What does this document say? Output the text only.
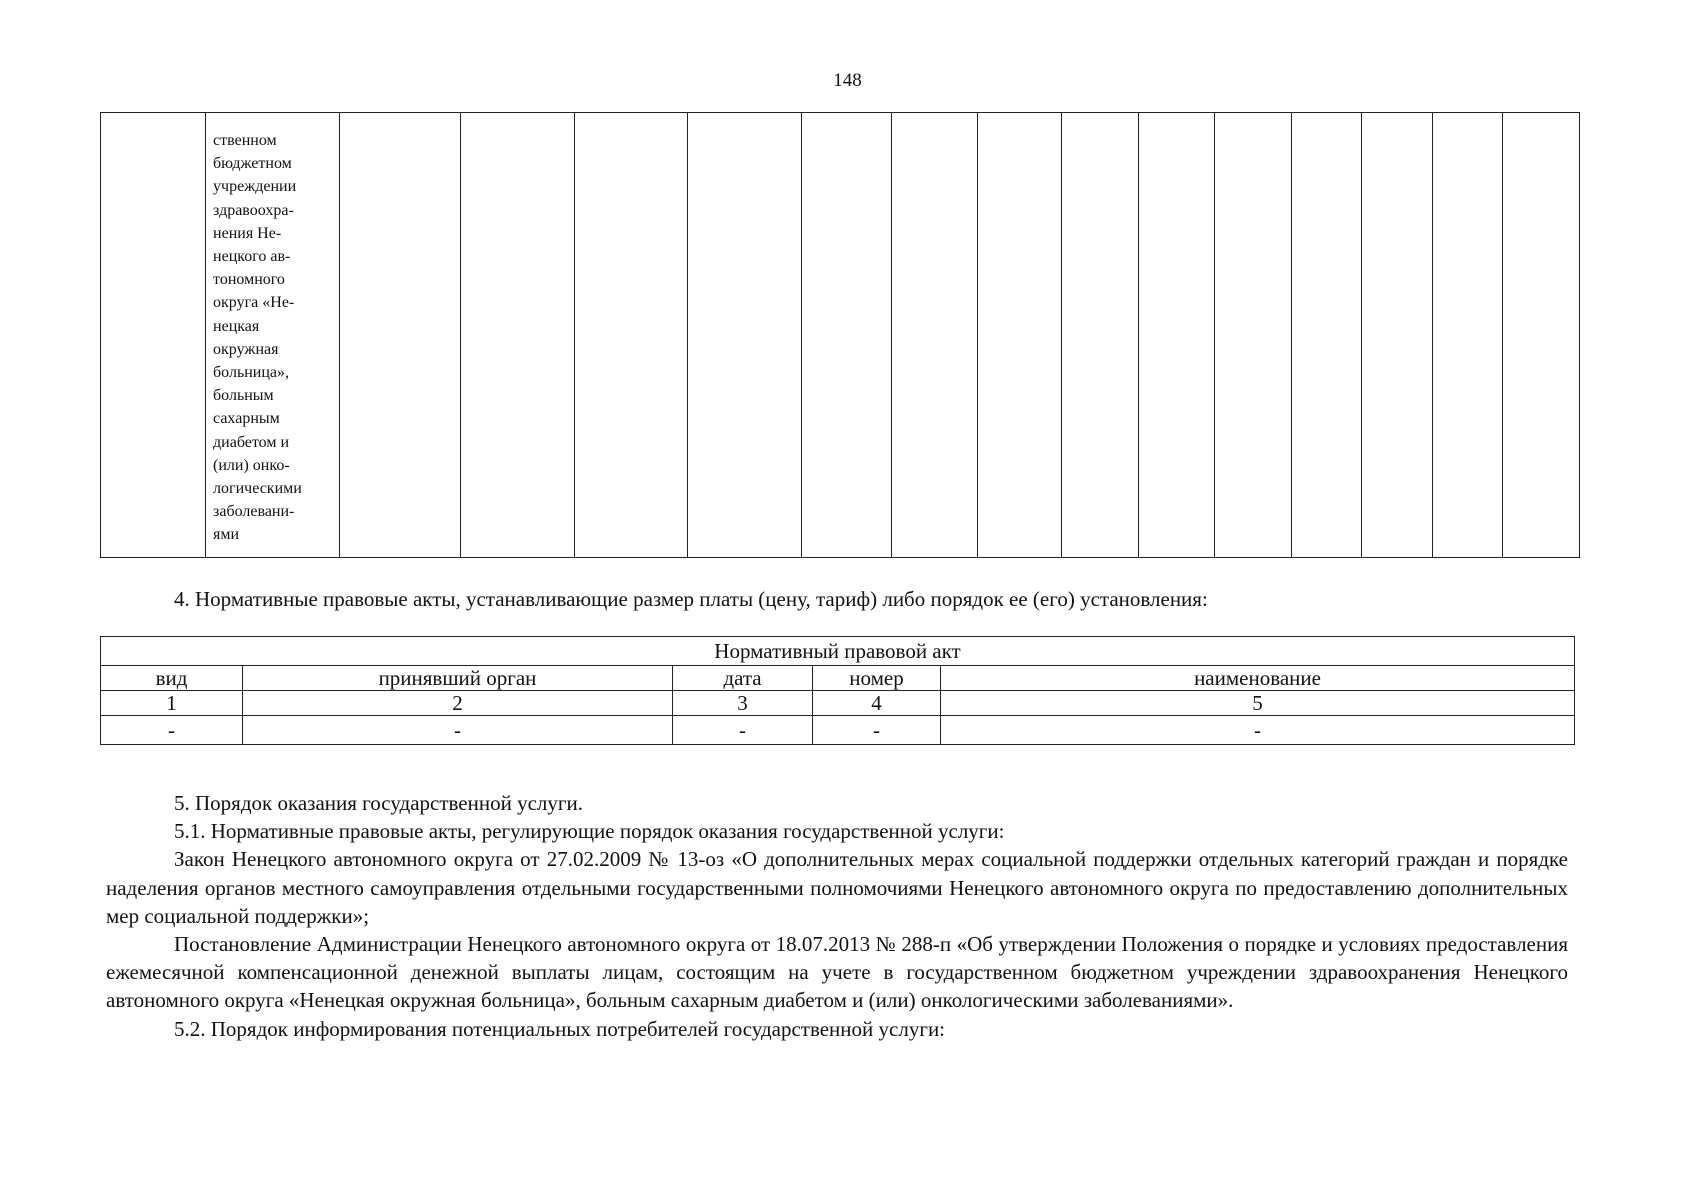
148

ственном
бюджетном
учреждении
здравоохра-
нения Не-
нецкого ав-
тономного
округа «Не-
нецкая
окружная
больница»,
больным
сахарным
диабетом и
(или) онко-
логическими
заболевани-
ями

4. Нормативные правовые акты, устанавливающие размер платы (цену, тариф) либо порядок ее (его) установления:
Нормативный правовой акт				
вид	принявший орган	дата	номер	наименование
1	2	3	4	5
-	-	-	-	-

5. Порядок оказания государственной услуги.

5.1. Нормативные правовые акты, регулирующие порядок оказания государственной услуги:

Закон Ненецкого автономного округа от 27.02.2009 № 13-оз «О дополнительных мерах социальной поддержки отдельных категорий граждан и порядке наделения органов местного самоуправления отдельными государственными полномочиями Ненецкого автономного округа по предоставлению дополнительных мер социальной поддержки»;

Постановление Администрации Ненецкого автономного округа от 18.07.2013 № 288-п «Об утверждении Положения о порядке и условиях предоставления ежемесячной компенсационной денежной выплаты лицам, состоящим на учете в государственном бюджетном учреждении здравоохранения Ненецкого автономного округа «Ненецкая окружная больница», больным сахарным диабетом и (или) онкологическими заболеваниями».

5.2. Порядок информирования потенциальных потребителей государственной услуги:
